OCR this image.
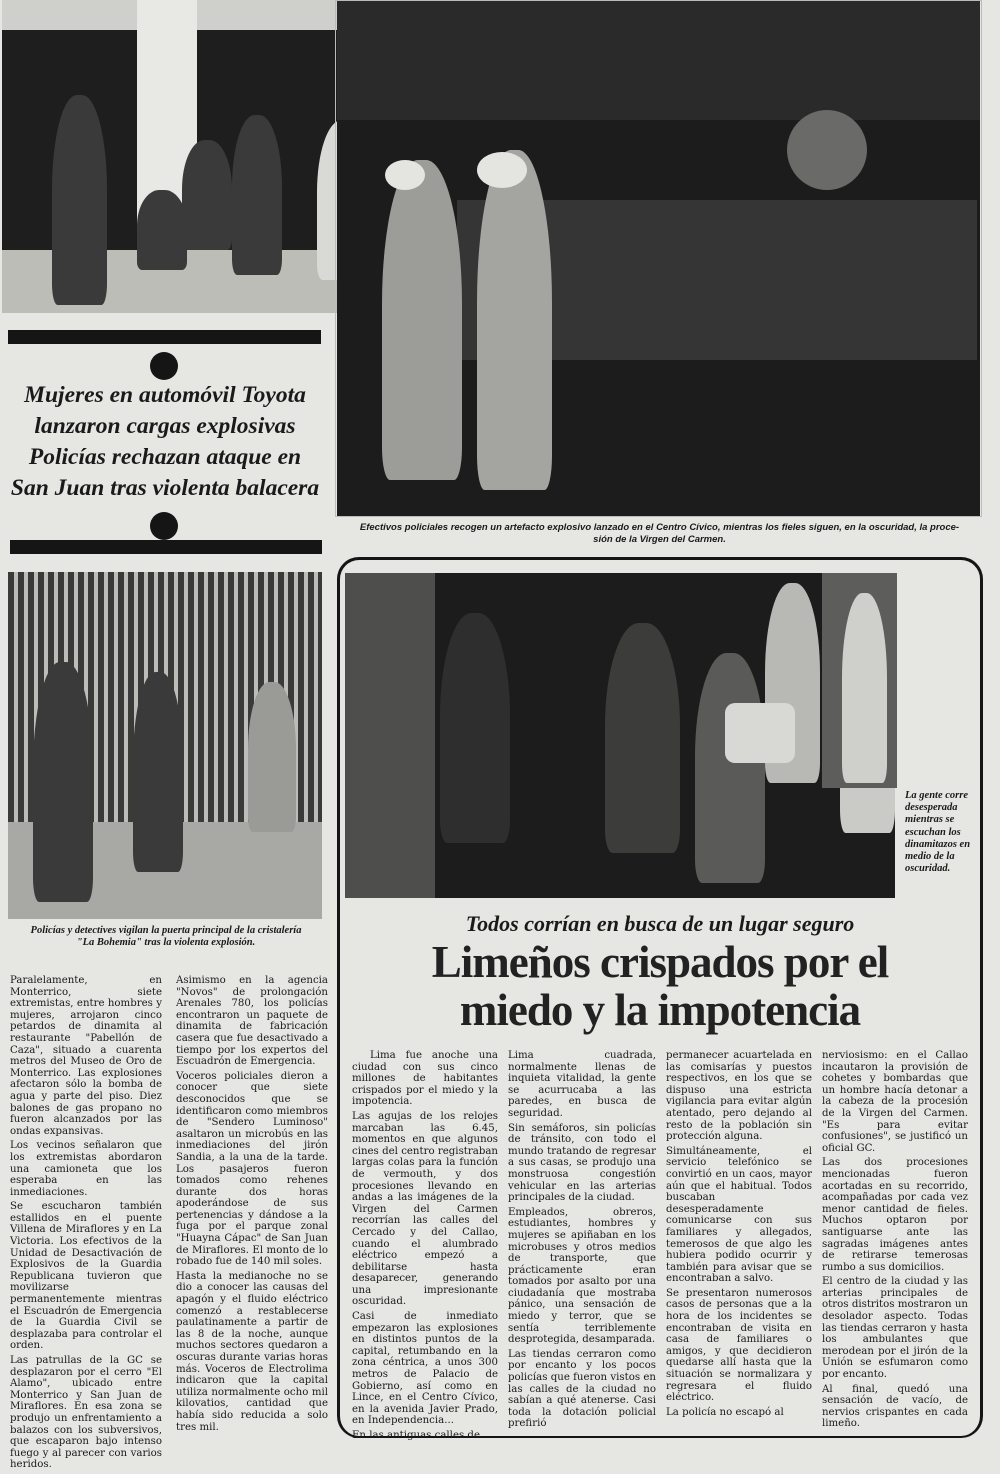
Efectivos policiales recogen un artefacto explosivo lanzado en el Centro Cívico, mientras los fieles siguen, en la oscuridad, la proce-
sión de la Virgen del Carmen.
Mujeres en automóvil Toyota
lanzaron cargas explosivas
Policías rechazan ataque en
San Juan tras violenta balacera
Policías y detectives vigilan la puerta principal de la cristalería
"La Bohemia" tras la violenta explosión.
La gente corre desesperada mientras se escuchan los dinamitazos en medio de la oscuridad.
Todos corrían en busca de un lugar seguro
Limeños crispados por el
miedo y la impotencia

Lima fue anoche una ciudad con sus cinco millones de habitantes crispados por el miedo y la impotencia.

Las agujas de los relojes marcaban las 6.45, momentos en que algunos cines del centro registraban largas colas para la función de vermouth, y dos procesiones llevando en andas a las imágenes de la Virgen del Carmen recorrían las calles del Cercado y del Callao, cuando el alumbrado eléctrico empezó a debilitarse hasta desaparecer, generando una impresionante oscuridad.

Casi de inmediato empezaron las explosiones en distintos puntos de la capital, retumbando en la zona céntrica, a unos 300 metros de Palacio de Gobierno, así como en Lince, en el Centro Cívico, en la avenida Javier Prado, en Independencia...

En las antiguas calles de

Lima cuadrada, normalmente llenas de inquieta vitalidad, la gente se acurrucaba a las paredes, en busca de seguridad.

Sin semáforos, sin policías de tránsito, con todo el mundo tratando de regresar a sus casas, se produjo una monstruosa congestión vehicular en las arterias principales de la ciudad.

Empleados, obreros, estudiantes, hombres y mujeres se apiñaban en los microbuses y otros medios de transporte, que prácticamente eran tomados por asalto por una ciudadanía que mostraba pánico, una sensación de miedo y terror, que se sentía terriblemente desprotegida, desamparada.

Las tiendas cerraron como por encanto y los pocos policías que fueron vistos en las calles de la ciudad no sabían a qué atenerse. Casi toda la dotación policial prefirió

permanecer acuartelada en las comisarías y puestos respectivos, en los que se dispuso una estricta vigilancia para evitar algún atentado, pero dejando al resto de la población sin protección alguna.

Simultáneamente, el servicio telefónico se convirtió en un caos, mayor aún que el habitual. Todos buscaban desesperadamente comunicarse con sus familiares y allegados, temerosos de que algo les hubiera podido ocurrir y también para avisar que se encontraban a salvo.

Se presentaron numerosos casos de personas que a la hora de los incidentes se encontraban de visita en casa de familiares o amigos, y que decidieron quedarse allí hasta que la situación se normalizara y regresara el fluido eléctrico.

La policía no escapó al

nerviosismo: en el Callao incautaron la provisión de cohetes y bombardas que un hombre hacía detonar a la cabeza de la procesión de la Virgen del Carmen. "Es para evitar confusiones", se justificó un oficial GC.

Las dos procesiones mencionadas fueron acortadas en su recorrido, acompañadas por cada vez menor cantidad de fieles. Muchos optaron por santiguarse ante las sagradas imágenes antes de retirarse temerosas rumbo a sus domicilios.

El centro de la ciudad y las arterias principales de otros distritos mostraron un desolador aspecto. Todas las tiendas cerraron y hasta los ambulantes que merodean por el jirón de la Unión se esfumaron como por encanto.

Al final, quedó una sensación de vacío, de nervios crispantes en cada limeño.

Paralelamente, en Monterrico, siete extremistas, entre hombres y mujeres, arrojaron cinco petardos de dinamita al restaurante "Pabellón de Caza", situado a cuarenta metros del Museo de Oro de Monterrico. Las explosiones afectaron sólo la bomba de agua y parte del piso. Diez balones de gas propano no fueron alcanzados por las ondas expansivas.

Los vecinos señalaron que los extremistas abordaron una camioneta que los esperaba en las inmediaciones.

Se escucharon también estallidos en el puente Villena de Miraflores y en La Victoria. Los efectivos de la Unidad de Desactivación de Explosivos de la Guardia Republicana tuvieron que movilizarse permanentemente mientras el Escuadrón de Emergencia de la Guardia Civil se desplazaba para controlar el orden.

Las patrullas de la GC se desplazaron por el cerro "El Alamo", ubicado entre Monterrico y San Juan de Miraflores. En esa zona se produjo un enfrentamiento a balazos con los subversivos, que escaparon bajo intenso fuego y al parecer con varios heridos.

Asimismo en la agencia "Novos" de prolongación Arenales 780, los policías encontraron un paquete de dinamita de fabricación casera que fue desactivado a tiempo por los expertos del Escuadrón de Emergencia.

Voceros policiales dieron a conocer que siete desconocidos que se identificaron como miembros de "Sendero Luminoso" asaltaron un microbús en las inmediaciones del jirón Sandia, a la una de la tarde. Los pasajeros fueron tomados como rehenes durante dos horas apoderándose de sus pertenencias y dándose a la fuga por el parque zonal "Huayna Cápac" de San Juan de Miraflores. El monto de lo robado fue de 140 mil soles.

Hasta la medianoche no se dio a conocer las causas del apagón y el fluido eléctrico comenzó a restablecerse paulatinamente a partir de las 8 de la noche, aunque muchos sectores quedaron a oscuras durante varias horas más. Voceros de Electrolima indicaron que la capital utiliza normalmente ocho mil kilovatios, cantidad que había sido reducida a solo tres mil.
